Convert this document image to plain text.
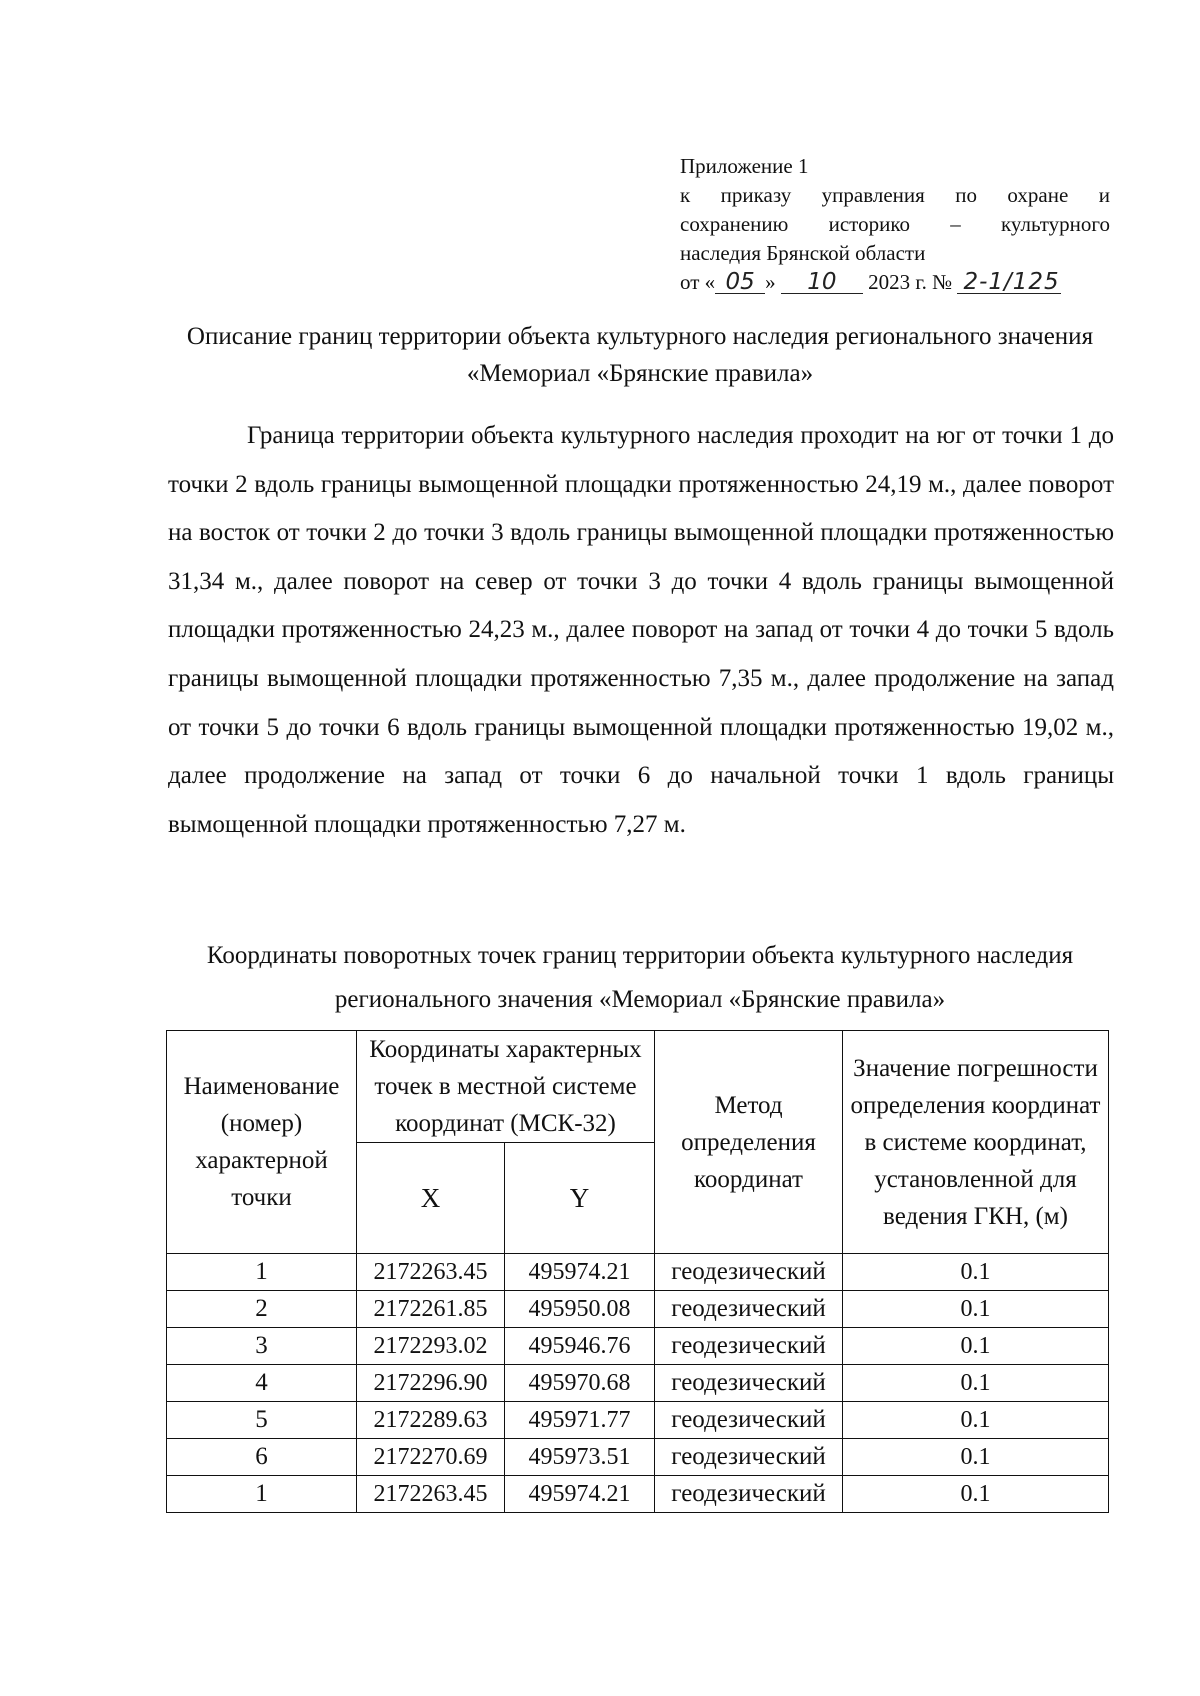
Приложение 1
к приказу управления по охране и
сохранению историко – культурного
наследия Брянской области
от « 05 » 10 2023 г. № 2-1/125
Описание границ территории объекта культурного наследия регионального значения «Мемориал «Брянские правила»
Граница территории объекта культурного наследия проходит на юг от точки 1 до точки 2 вдоль границы вымощенной площадки протяженностью 24,19 м., далее поворот на восток от точки 2 до точки 3 вдоль границы вымощенной площадки протяженностью 31,34 м., далее поворот на север от точки 3 до точки 4 вдоль границы вымощенной площадки протяженностью 24,23 м., далее поворот на запад от точки 4 до точки 5 вдоль границы вымощенной площадки протяженностью 7,35 м., далее продолжение на запад от точки 5 до точки 6 вдоль границы вымощенной площадки протяженностью 19,02 м., далее продолжение на запад от точки 6 до начальной точки 1 вдоль границы вымощенной площадки протяженностью 7,27 м.
Координаты поворотных точек границ территории объекта культурного наследия регионального значения «Мемориал «Брянские правила»
Наименование (номер) характерной точки	Координаты характерных точек в местной системе координат (МСК-32)		Метод определения координат	Значение погрешности определения координат в системе координат, установленной для ведения ГКН, (м)
	X	Y		
1	2172263.45	495974.21	геодезический	0.1
2	2172261.85	495950.08	геодезический	0.1
3	2172293.02	495946.76	геодезический	0.1
4	2172296.90	495970.68	геодезический	0.1
5	2172289.63	495971.77	геодезический	0.1
6	2172270.69	495973.51	геодезический	0.1
1	2172263.45	495974.21	геодезический	0.1
